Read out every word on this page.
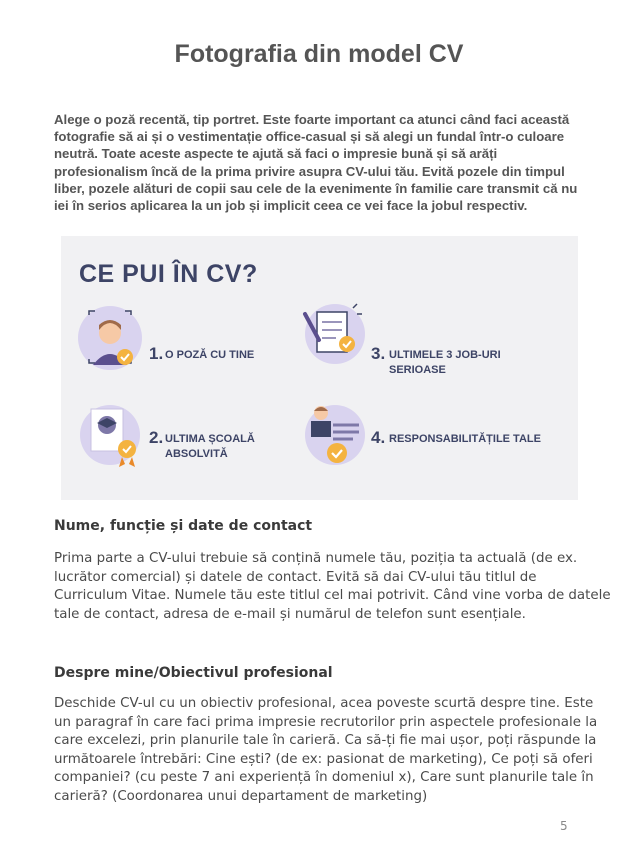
Fotografia din model CV

Alege o poză recentă, tip portret. Este foarte important ca atunci când faci această fotografie să ai și o vestimentație office-casual și să alegi un fundal într-o culoare neutră. Toate aceste aspecte te ajută să faci o impresie bună și să arăți profesionalism încă de la prima privire asupra CV-ului tău. Evită pozele din timpul liber, pozele alături de copii sau cele de la evenimente în familie care transmit că nu iei în serios aplicarea la un job și implicit ceea ce vei face la jobul respectiv.

CE PUI ÎN CV?
1. O POZĂ CU TINE
2. ULTIMA ȘCOALĂ
ABSOLVITĂ
3. ULTIMELE 3 JOB-URI
SERIOASE
4. RESPONSABILITĂȚILE TALE
Nume, funcție și date de contact

Prima parte a CV-ului trebuie să conțină numele tău, poziția ta actuală (de ex. lucrător comercial) și datele de contact. Evită să dai CV-ului tău titlul de Curriculum Vitae. Numele tău este titlul cel mai potrivit. Când vine vorba de datele tale de contact, adresa de e-mail și numărul de telefon sunt esențiale.

Despre mine/Obiectivul profesional

Deschide CV-ul cu un obiectiv profesional, acea poveste scurtă despre tine. Este un paragraf în care faci prima impresie recrutorilor prin aspectele profesionale la care excelezi, prin planurile tale în carieră. Ca să-ți fie mai ușor, poți răspunde la următoarele întrebări: Cine ești? (de ex: pasionat de marketing), Ce poți să oferi companiei? (cu peste 7 ani experiență în domeniul x), Care sunt planurile tale în carieră? (Coordonarea unui departament de marketing)

5
